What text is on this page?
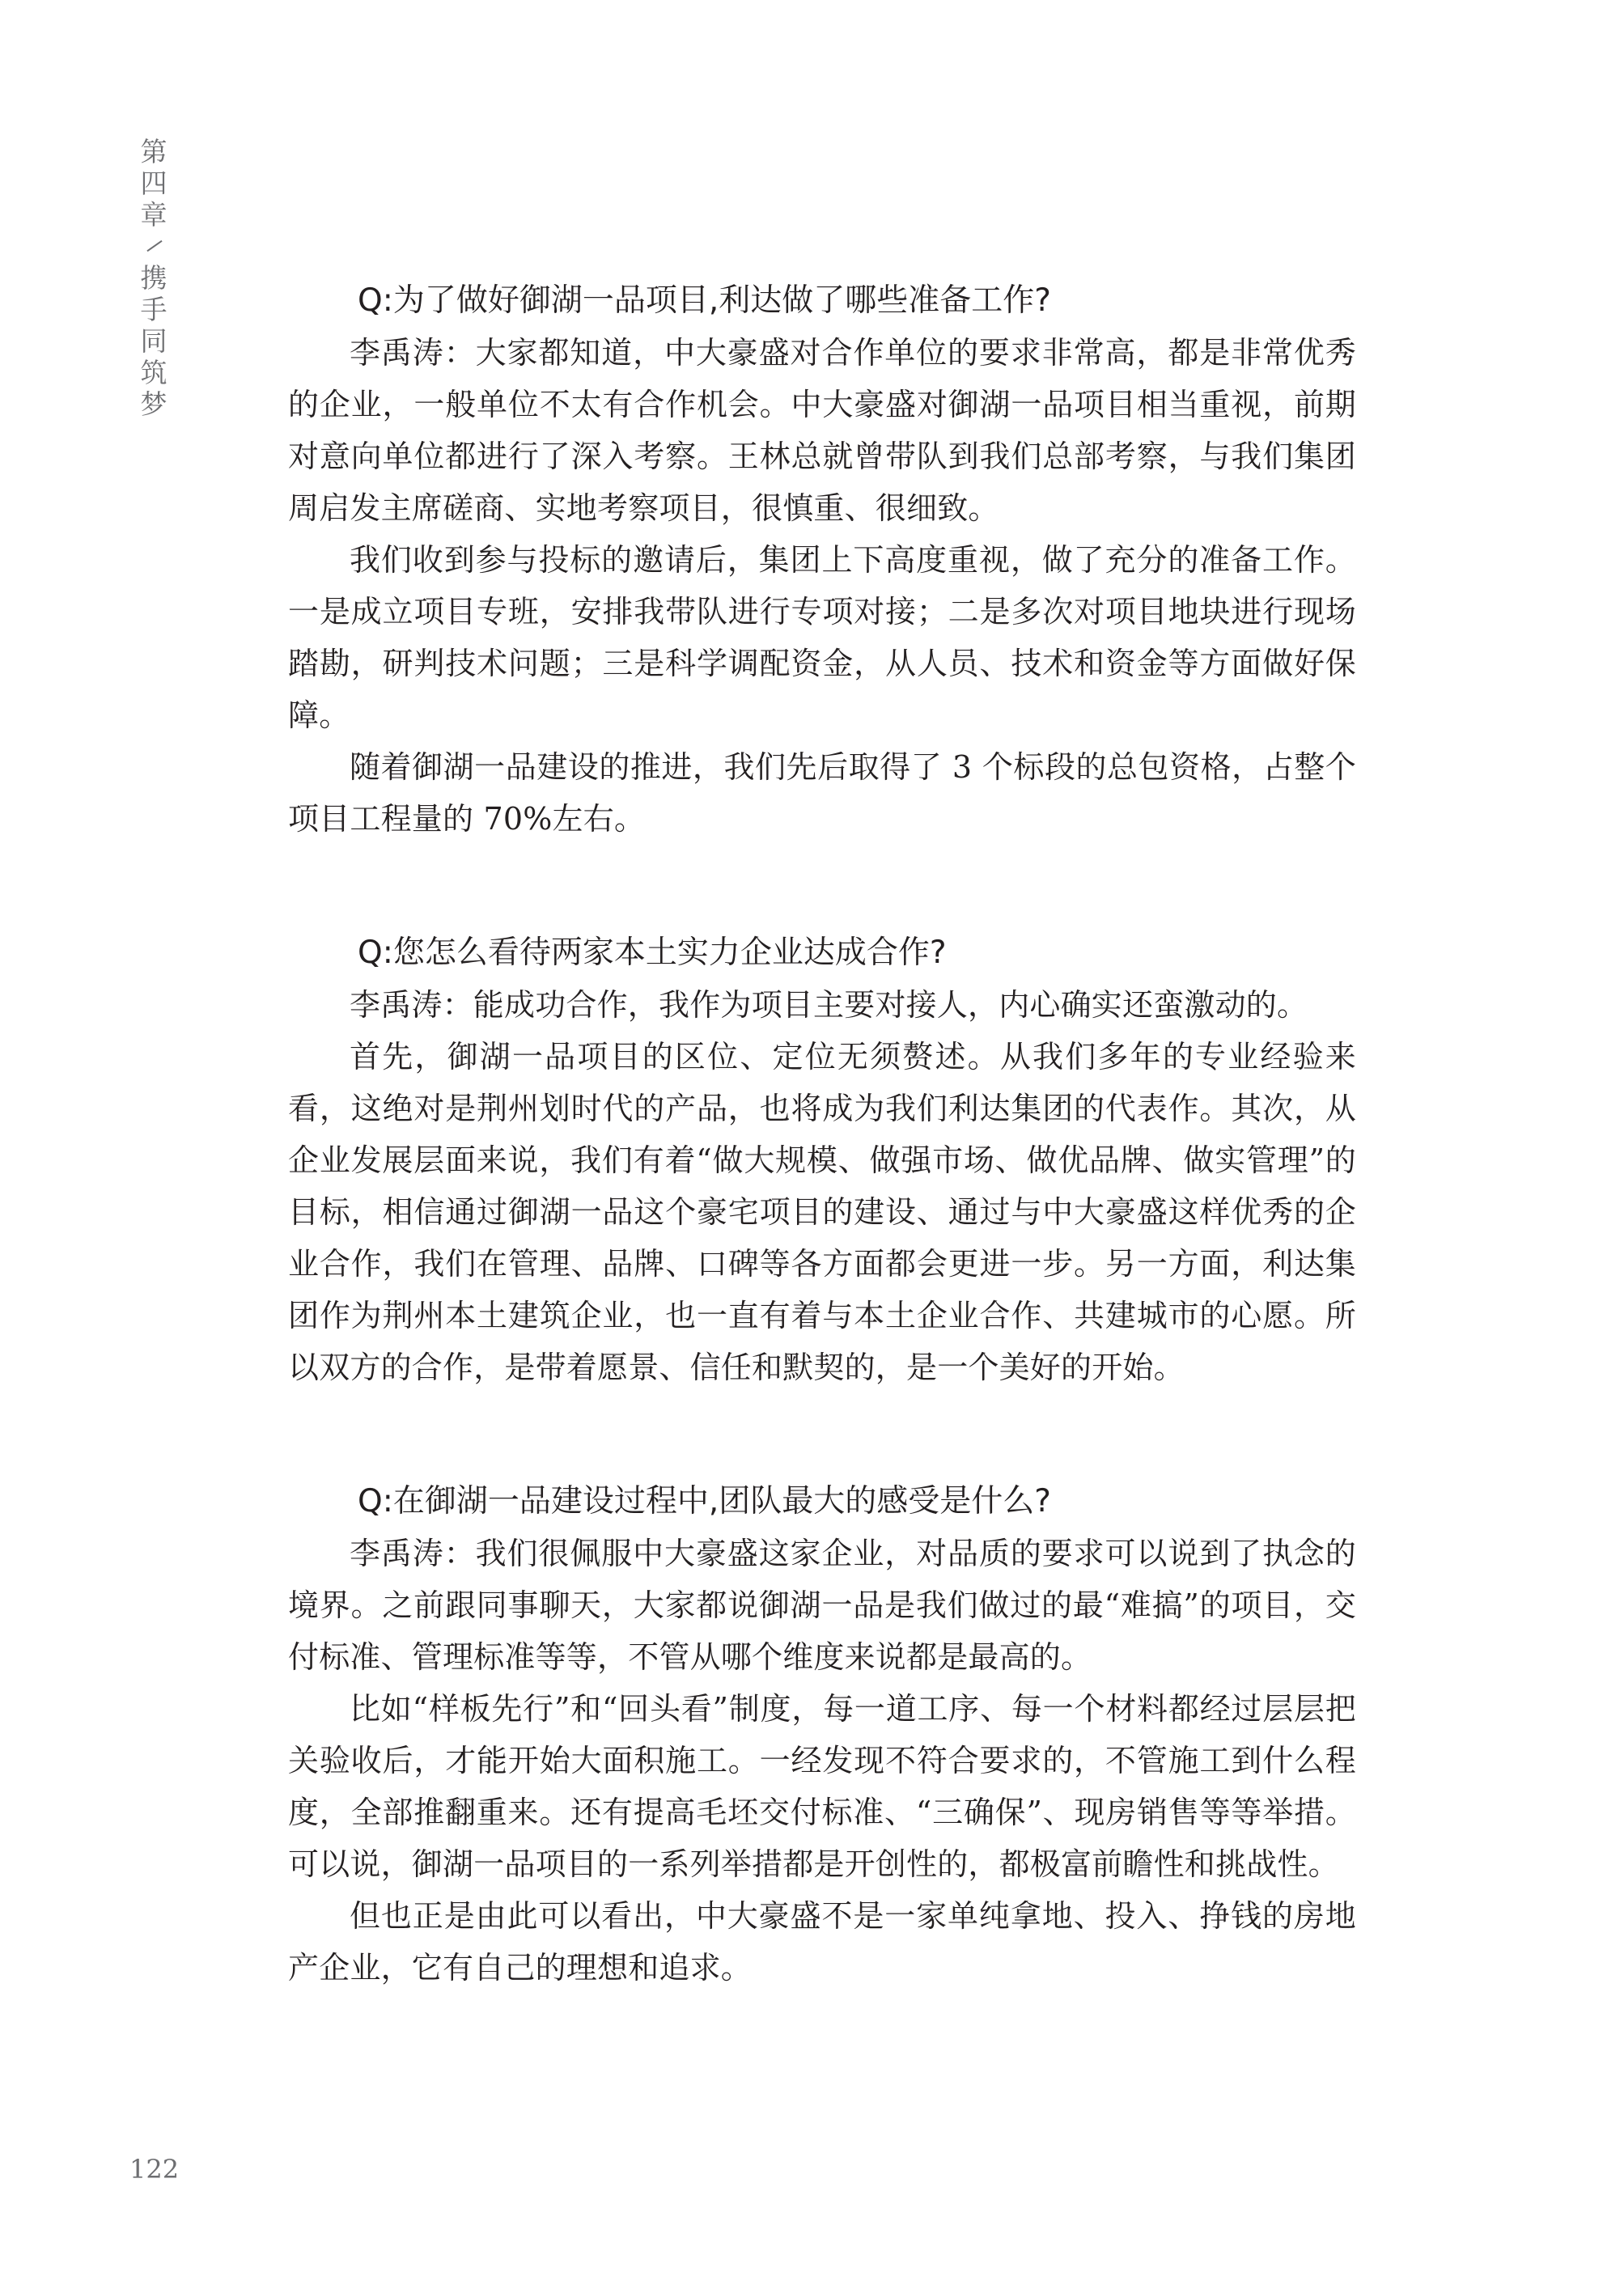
第
四
章
携
手
同
筑
梦

Q:为了做好御湖一品项目,利达做了哪些准备工作?

李禹涛：大家都知道，中大豪盛对合作单位的要求非常高，都是非常优秀的企业，一般单位不太有合作机会。中大豪盛对御湖一品项目相当重视，前期对意向单位都进行了深入考察。王林总就曾带队到我们总部考察，与我们集团周启发主席磋商、实地考察项目，很慎重、很细致。

我们收到参与投标的邀请后，集团上下高度重视，做了充分的准备工作。一是成立项目专班，安排我带队进行专项对接；二是多次对项目地块进行现场踏勘，研判技术问题；三是科学调配资金，从人员、技术和资金等方面做好保障。

随着御湖一品建设的推进，我们先后取得了 3 个标段的总包资格，占整个项目工程量的 70%左右。

Q:您怎么看待两家本土实力企业达成合作?

李禹涛：能成功合作，我作为项目主要对接人，内心确实还蛮激动的。

首先，御湖一品项目的区位、定位无须赘述。从我们多年的专业经验来看，这绝对是荆州划时代的产品，也将成为我们利达集团的代表作。其次，从企业发展层面来说，我们有着“做大规模、做强市场、做优品牌、做实管理”的目标，相信通过御湖一品这个豪宅项目的建设、通过与中大豪盛这样优秀的企业合作，我们在管理、品牌、口碑等各方面都会更进一步。另一方面，利达集团作为荆州本土建筑企业，也一直有着与本土企业合作、共建城市的心愿。所以双方的合作，是带着愿景、信任和默契的，是一个美好的开始。

Q:在御湖一品建设过程中,团队最大的感受是什么?

李禹涛：我们很佩服中大豪盛这家企业，对品质的要求可以说到了执念的境界。之前跟同事聊天，大家都说御湖一品是我们做过的最“难搞”的项目，交付标准、管理标准等等，不管从哪个维度来说都是最高的。

比如“样板先行”和“回头看”制度，每一道工序、每一个材料都经过层层把关验收后，才能开始大面积施工。一经发现不符合要求的，不管施工到什么程度，全部推翻重来。还有提高毛坯交付标准、“三确保”、现房销售等等举措。可以说，御湖一品项目的一系列举措都是开创性的，都极富前瞻性和挑战性。

但也正是由此可以看出，中大豪盛不是一家单纯拿地、投入、挣钱的房地产企业，它有自己的理想和追求。

122
